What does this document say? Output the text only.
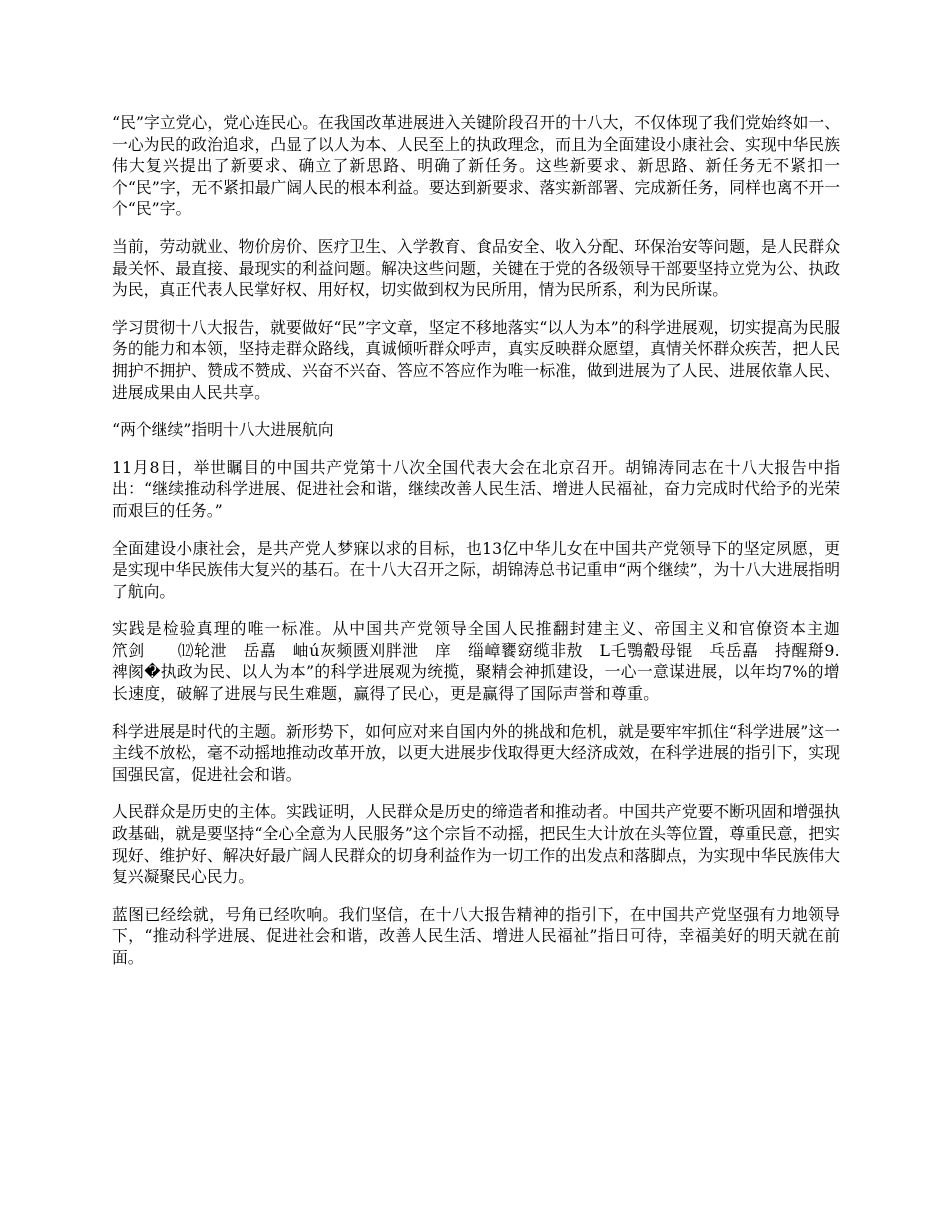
“民”字立党心，党心连民心。在我国改革进展进入关键阶段召开的十八大，不仅体现了我们党始终如一、一心为民的政治追求，凸显了以人为本、人民至上的执政理念，而且为全面建设小康社会、实现中华民族伟大复兴提出了新要求、确立了新思路、明确了新任务。这些新要求、新思路、新任务无不紧扣一个“民”字，无不紧扣最广阔人民的根本利益。要达到新要求、落实新部署、完成新任务，同样也离不开一个“民”字。

当前，劳动就业、物价房价、医疗卫生、入学教育、食品安全、收入分配、环保治安等问题，是人民群众最关怀、最直接、最现实的利益问题。解决这些问题，关键在于党的各级领导干部要坚持立党为公、执政为民，真正代表人民掌好权、用好权，切实做到权为民所用，情为民所系，利为民所谋。

学习贯彻十八大报告，就要做好“民”字文章，坚定不移地落实“以人为本”的科学进展观，切实提高为民服务的能力和本领，坚持走群众路线，真诚倾听群众呼声，真实反映群众愿望，真情关怀群众疾苦，把人民拥护不拥护、赞成不赞成、兴奋不兴奋、答应不答应作为唯一标准，做到进展为了人民、进展依靠人民、进展成果由人民共享。

“两个继续”指明十八大进展航向

11月8日，举世瞩目的中国共产党第十八次全国代表大会在北京召开。胡锦涛同志在十八大报告中指出：“继续推动科学进展、促进社会和谐，继续改善人民生活、增进人民福祉，奋力完成时代给予的光荣而艰巨的任务。”

全面建设小康社会，是共产党人梦寐以求的目标，也13亿中华儿女在中国共产党领导下的坚定夙愿，更是实现中华民族伟大复兴的基石。在十八大召开之际，胡锦涛总书记重申“两个继续”，为十八大进展指明了航向。

实践是检验真理的唯一标准。从中国共产党领导全国人民推翻封建主义、帝国主义和官僚资本主迦　　笊剑　　⑿轮泄　岳嚞　岫ú灰频匮刈胖泄　庠　缁嶂饔窈缆非敖　L乇鶚觳母锟　乓岳嚞　持醒搿9.　　禆阂�执政为民、以人为本”的科学进展观为统揽，聚精会神抓建设，一心一意谋进展，以年均7%的增长速度，破解了进展与民生难题，赢得了民心，更是赢得了国际声誉和尊重。

科学进展是时代的主题。新形势下，如何应对来自国内外的挑战和危机，就是要牢牢抓住“科学进展”这一主线不放松，毫不动摇地推动改革开放，以更大进展步伐取得更大经济成效，在科学进展的指引下，实现国强民富，促进社会和谐。

人民群众是历史的主体。实践证明，人民群众是历史的缔造者和推动者。中国共产党要不断巩固和增强执政基础，就是要坚持“全心全意为人民服务”这个宗旨不动摇，把民生大计放在头等位置，尊重民意，把实现好、维护好、解决好最广阔人民群众的切身利益作为一切工作的出发点和落脚点，为实现中华民族伟大复兴凝聚民心民力。

蓝图已经绘就，号角已经吹响。我们坚信，在十八大报告精神的指引下，在中国共产党坚强有力地领导下，“推动科学进展、促进社会和谐，改善人民生活、增进人民福祉”指日可待，幸福美好的明天就在前面。
